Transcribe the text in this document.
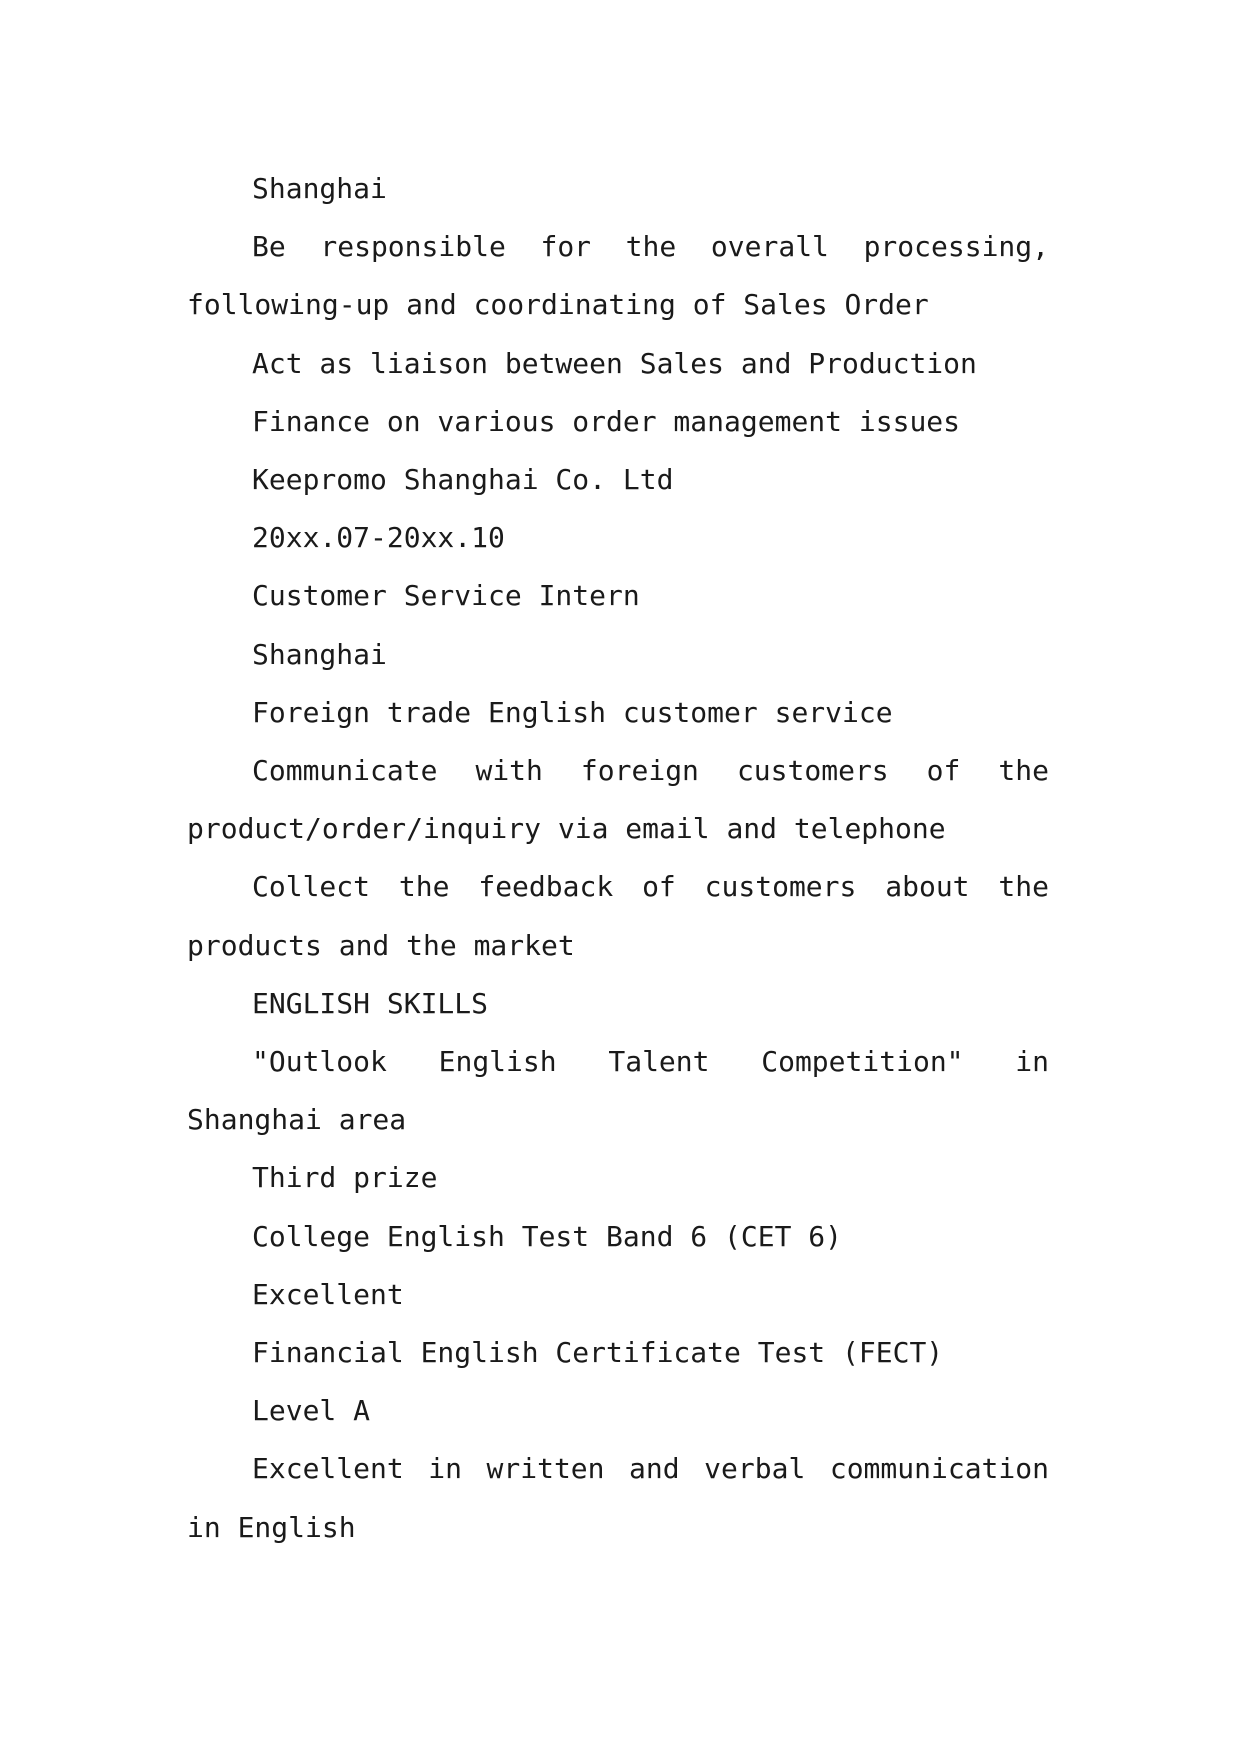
Shanghai

Be responsible for the overall processing, following-up and coordinating of Sales Order

Act as liaison between Sales and Production

Finance on various order management issues

Keepromo Shanghai Co. Ltd

20xx.07-20xx.10

Customer Service Intern

Shanghai

Foreign trade English customer service

Communicate with foreign customers of the product/order/inquiry via email and telephone

Collect the feedback of customers about the products and the market

ENGLISH SKILLS

"Outlook English Talent Competition" in Shanghai area

Third prize

College English Test Band 6 (CET 6)

Excellent

Financial English Certificate Test (FECT)

Level A

Excellent in written and verbal communication in English
